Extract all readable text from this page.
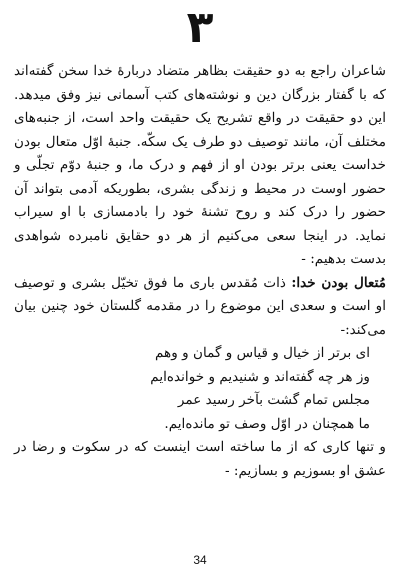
٣

شاعران راجع به دو حقیقت بظاهر متضاد دربارهٔ خدا سخن گفته‌اند که با گفتار بزرگان دین و نوشته‌های کتب آسمانی نیز وفق میدهد. این دو حقیقت در واقع تشریح یک حقیقت واحد است، از جنبه‌های مختلف آن، مانند توصیف دو طرف یک سکّه. جنبهٔ اوّل متعال بودن خداست یعنی برتر بودن او از فهم و درک ما، و جنبهٔ دوّم تجلّی و حضور اوست در محیط و زندگی بشری، بطوریکه آدمی بتواند آن حضور را درک کند و روح تشنهٔ خود را بادمسازی با او سیراب نماید. در اینجا سعی می‌کنیم از هر دو حقایق نامبرده شواهدی بدست بدهیم: -

مُتعال بودن خدا: ذات مُقدس باری ما فوق تخیّل بشری و توصیف او است و سعدی این موضوع را در مقدمه گلستان خود چنین بیان می‌کند:-

ای برتر از خیال و قیاس و گمان و وهم

وز هر چه گفته‌اند و شنیدیم و خوانده‌ایم

مجلس تمام گشت بآخر رسید عمر

ما همچنان در اوّل وصف تو مانده‌ایم.

و تنها کاری که از ما ساخته است اینست که در سکوت و رضا در عشق او بسوزیم و بسازیم: -

34
